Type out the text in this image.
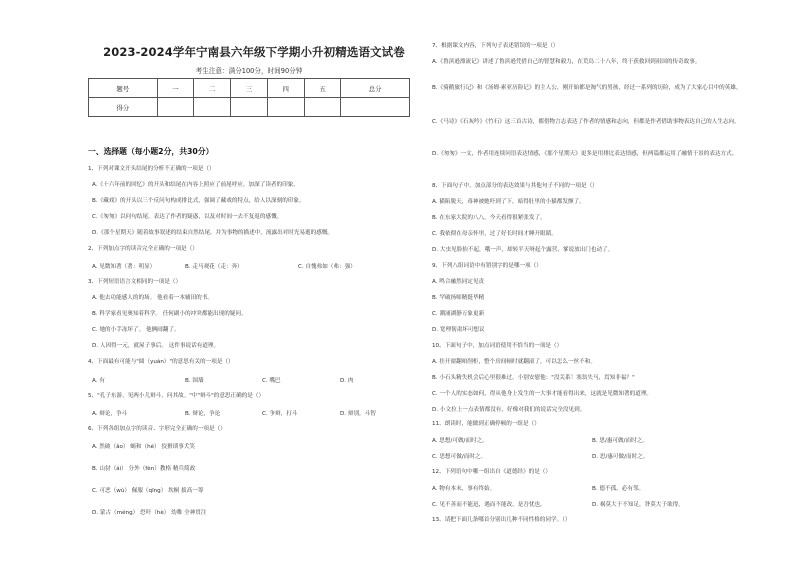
2023-2024学年宁南县六年级下学期小升初精选语文试卷
考生注意：满分100分，时间90分钟
题号	一	二	三	四	五	总分
得分						
一、选择题（每小题2分，共30分）
1、下列对课文开头结尾的分析不正确的一项是（）
A.《十六年前的回忆》的开头和结尾在内容上照应了前尾呼应，加深了读者的印象。
B.《藏戏》的开头以三个反问句构成排比式，强调了藏戏的特点，给人以深刻的印象。
C.《匆匆》以问句结尾，表达了作者的疑惑，以及对时间一去不复返的感慨。
D.《那个星期天》随着故事叙述的结束自然结尾，并为事物的描述中，流露出对时光易逝的感慨。
2、下列加点字的读音完全正确的一项是（）
A. 见微知著（著：明显）	B. 走马观花（走：奔）	C. 自愧弗如（弗：强）
3、下列短语语言文相同的一项是（）
A. 他去功能感人的的场。 他看着一本辅田的书。
B. 科学家看见奥知着科学。 任何副小的冲突都能出现的疑问。
C. 她的小手冻坏了。 他俩闹翻了。
D. 人因得一元，就屋子事后。 这件事说话有道理。
4、下面最有可能与"圆（yuán）"的意思有关的一项是（）
A. 有	B. 围墙	C. 嘴巴	D. 肉
5、"孔子东游，见两小儿辩斗，问其故。"中"辩斗"的意思正确的是（）
A. 辩论，争斗	B. 辩论，争论	C. 争辩，打斗	D. 辩别，斗智
6、下列各组加点字的读音、字形完全正确的一项是（）
A. 然破（ǎo） 蝎和（hé） 狡猾琐事犬笑
B. 山豺（ái） 分外（fèn）教格 精兵简政
C. 可恶（wù） 佩服（qīng） 坎桐 拔高一筹
D. 蒙古（méng） 恐吓（hè） 幼稚 全神贯注
7、根据课文内容，下列句子表述错误的一项是（）
A.《鲁滨逊漂流记》讲述了鲁滨逊凭借自己的智慧和毅力，在荒岛二十八年，终于获救回到祖国的传奇故事。
B.《骑鹅旅行记》和《汤姆·索亚历险记》的主人公，刚开始都是淘气的男孩，经过一系列的历险，成为了大家心目中的英雄。
C.《马诗》《石灰吟》《竹石》这三首古诗，都借物言志表达了作者的情感和志向，但都是作者借助事物表达自己的人生志向。
D.《匆匆》一文，作者用连续问语表达情感，《那个星期天》更多是用排比表达情感，但两篇都运用了融情于景的表达方式。
8、下面句子中，加点部分的表达效果与其他句子不同的一项是（）
A. 猫陷脱天，毒神被她吓到了下，暗得肚里的小猫都发颤了。
B. 在东家大院的八八，今天看得很紧张发了。
C. 我依偎在母亲怀里，过了好长时间才睡开眼睛。
D. 大虫见脸抬不起，哦一声，却转半天呀起个露营，爹说放出门也动了。
9、下列八组词语中有错别字的是哪一项（）
A. 鸣合融然同定见责
B. 罕破扬师精挺毕精
C. 潮涌湖静万象更新
D. 宽理韧肃坏可想议
10、下面句子中，加点词语使用不恰当的一项是（）
A. 挂开窗翻咱削柜，整个房间顿时就翻滚了，可以怎么一丝不和。
B. 小石头精失机会后心里很难过，小别安慰他："没关系！塞翁失马，焉知非福？"
C. 一个人的实态如何，得从他身上发生的一大事才能看得出来，这就是见微知著的道理。
D. 小文拉上一点表情都没有，好像对我们的说话完全没见到。
11、朗读时，能做到正确停顿的一组是（）
A. 思想/可做/而时之。	B. 思/惠可做/而时之。
C. 思想可做/而时之。	D. 思/惠可做/而时之。
12、下列语句中哪一组出自《道德经》的是（）
A. 物有本末，事有终始。	B. 德不孤，必有邻。
C. 见不善而不能迅，遇而不能改，是吾忧也。	D. 祸莫大于不知足，咎莫大于欲得。
13、请把下面几条哪首分别出几种不同性格的同学。（）
